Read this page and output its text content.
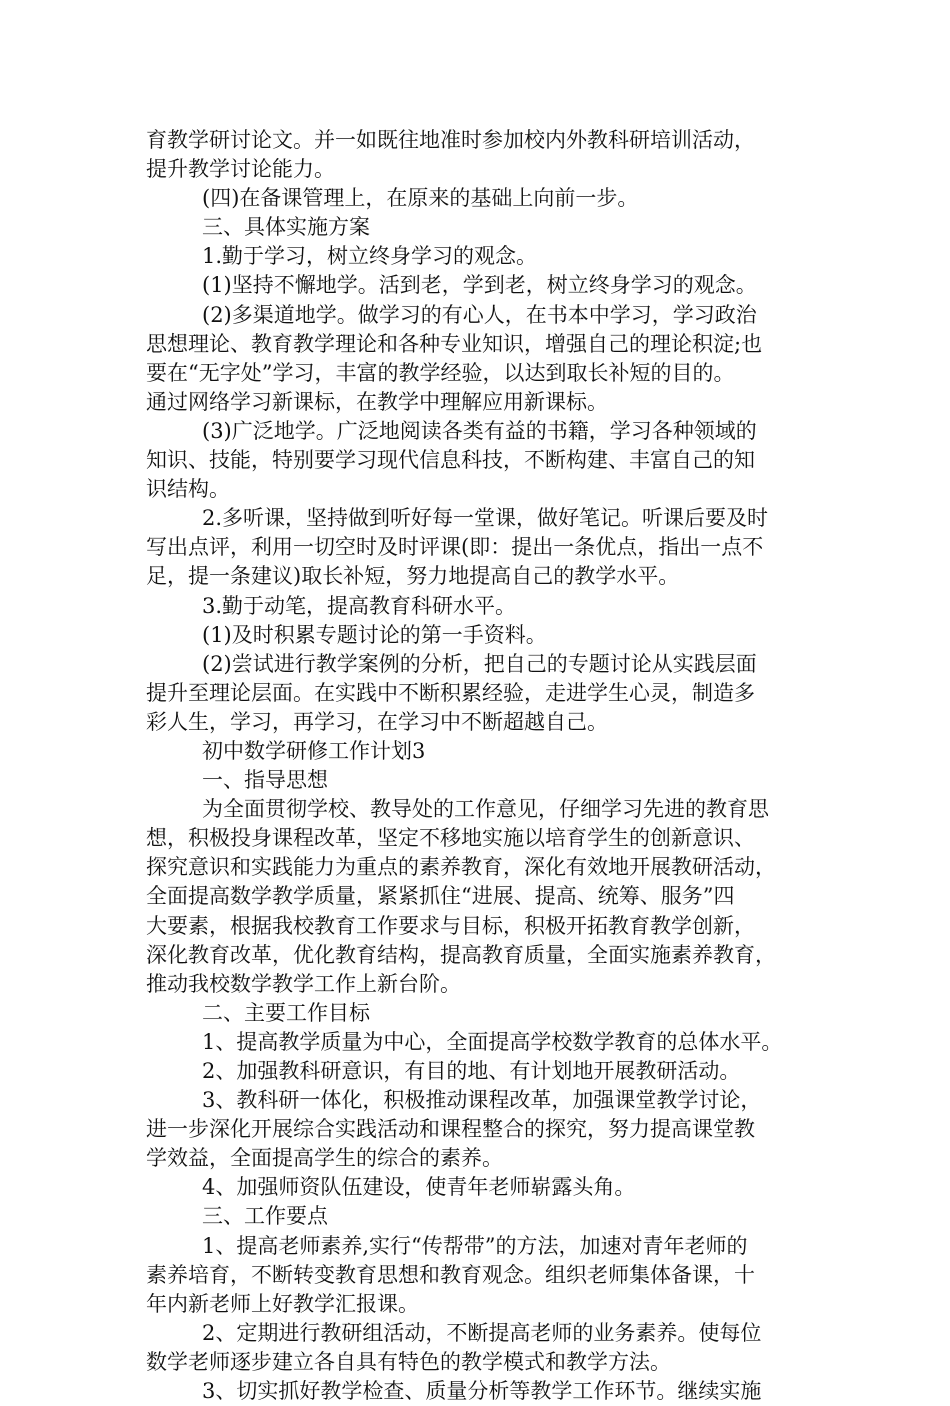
育教学研讨论文。并一如既往地准时参加校内外教科研培训活动，
提升教学讨论能力。
(四)在备课管理上，在原来的基础上向前一步。
三、具体实施方案
1.勤于学习，树立终身学习的观念。
(1)坚持不懈地学。活到老，学到老，树立终身学习的观念。
(2)多渠道地学。做学习的有心人，在书本中学习，学习政治
思想理论、教育教学理论和各种专业知识，增强自己的理论积淀;也
要在“无字处”学习，丰富的教学经验，以达到取长补短的目的。
通过网络学习新课标，在教学中理解应用新课标。
(3)广泛地学。广泛地阅读各类有益的书籍，学习各种领域的
知识、技能，特别要学习现代信息科技，不断构建、丰富自己的知
识结构。
2.多听课，坚持做到听好每一堂课，做好笔记。听课后要及时
写出点评，利用一切空时及时评课(即：提出一条优点，指出一点不
足，提一条建议)取长补短，努力地提高自己的教学水平。
3.勤于动笔，提高教育科研水平。
(1)及时积累专题讨论的第一手资料。
(2)尝试进行教学案例的分析，把自己的专题讨论从实践层面
提升至理论层面。在实践中不断积累经验，走进学生心灵，制造多
彩人生，学习，再学习，在学习中不断超越自己。
初中数学研修工作计划3
一、指导思想
为全面贯彻学校、教导处的工作意见，仔细学习先进的教育思
想，积极投身课程改革，坚定不移地实施以培育学生的创新意识、
探究意识和实践能力为重点的素养教育，深化有效地开展教研活动，
全面提高数学教学质量，紧紧抓住“进展、提高、统筹、服务”四
大要素，根据我校教育工作要求与目标，积极开拓教育教学创新，
深化教育改革，优化教育结构，提高教育质量，全面实施素养教育，
推动我校数学教学工作上新台阶。
二、主要工作目标
1、提高教学质量为中心，全面提高学校数学教育的总体水平。
2、加强教科研意识，有目的地、有计划地开展教研活动。
3、教科研一体化，积极推动课程改革，加强课堂教学讨论，
进一步深化开展综合实践活动和课程整合的探究，努力提高课堂教
学效益，全面提高学生的综合的素养。
4、加强师资队伍建设，使青年老师崭露头角。
三、工作要点
1、提高老师素养,实行“传帮带”的方法，加速对青年老师的
素养培育，不断转变教育思想和教育观念。组织老师集体备课，十
年内新老师上好教学汇报课。
2、定期进行教研组活动，不断提高老师的业务素养。使每位
数学老师逐步建立各自具有特色的教学模式和教学方法。
3、切实抓好教学检查、质量分析等教学工作环节。继续实施
